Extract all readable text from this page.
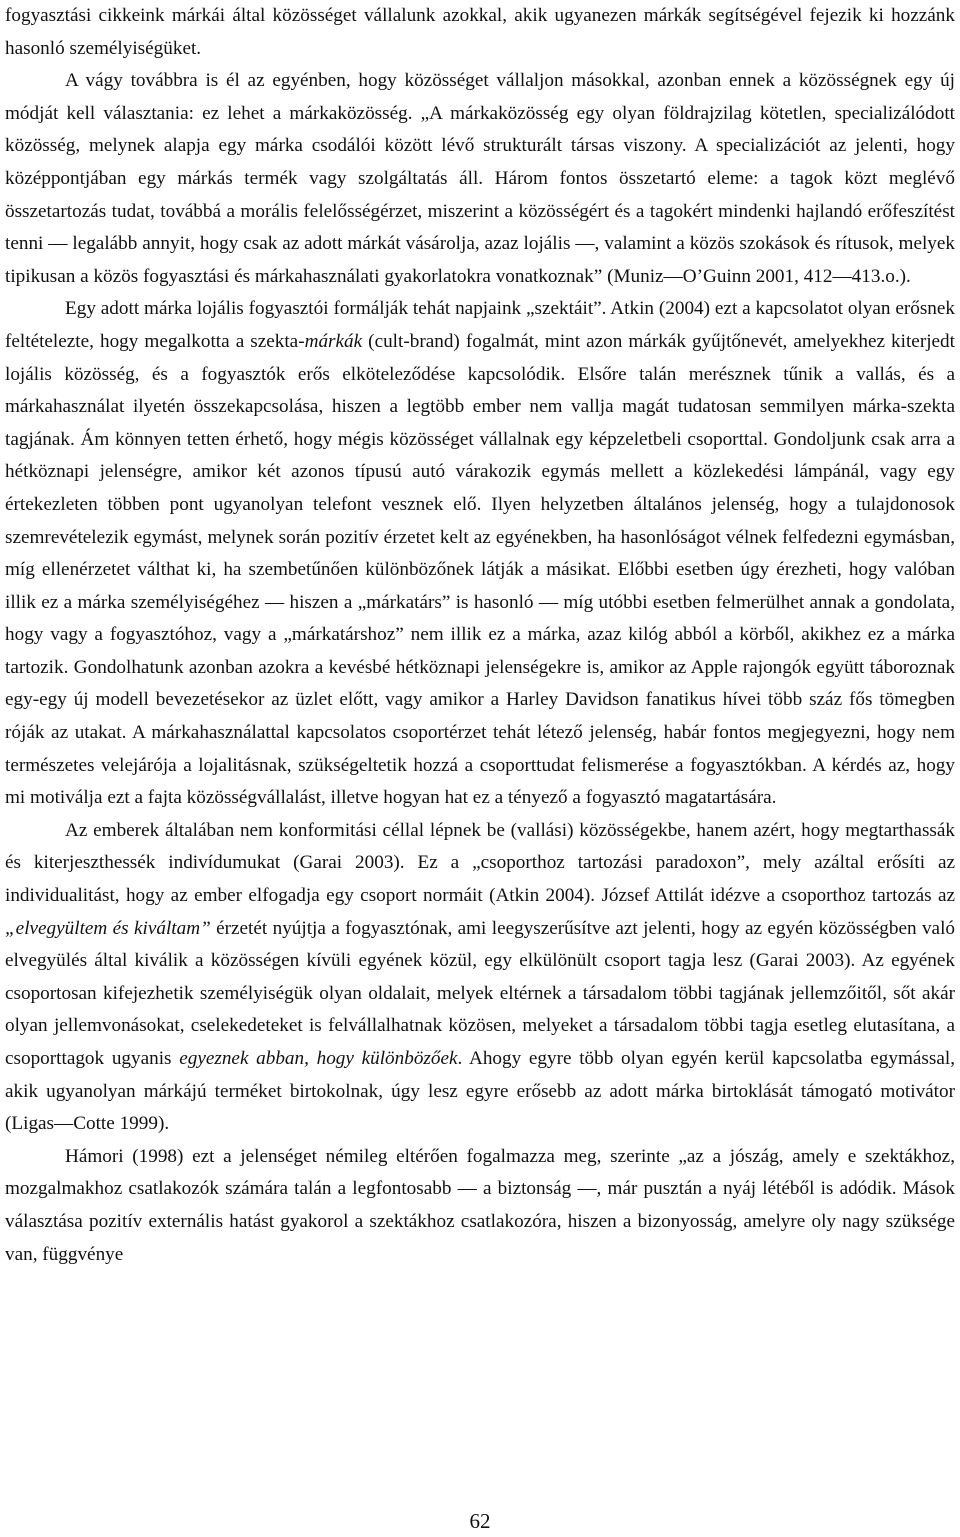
fogyasztási cikkeink márkái által közösséget vállalunk azokkal, akik ugyanezen márkák segítségével fejezik ki hozzánk hasonló személyiségüket.

A vágy továbbra is él az egyénben, hogy közösséget vállaljon másokkal, azonban ennek a közösségnek egy új módját kell választania: ez lehet a márkaközösség. „A márkaközösség egy olyan földrajzilag kötetlen, specializálódott közösség, melynek alapja egy márka csodálói között lévő strukturált társas viszony. A specializációt az jelenti, hogy középpontjában egy márkás termék vagy szolgáltatás áll. Három fontos összetartó eleme: a tagok közt meglévő összetartozás tudat, továbbá a morális felelősségérzet, miszerint a közösségért és a tagokért mindenki hajlandó erőfeszítést tenni ― legalább annyit, hogy csak az adott márkát vásárolja, azaz lojális ―, valamint a közös szokások és rítusok, melyek tipikusan a közös fogyasztási és márkahasználati gyakorlatokra vonatkoznak” (Muniz―O’Guinn 2001, 412―413.o.).

Egy adott márka lojális fogyasztói formálják tehát napjaink „szektáit”. Atkin (2004) ezt a kapcsolatot olyan erősnek feltételezte, hogy megalkotta a szekta-márkák (cult-brand) fogalmát, mint azon márkák gyűjtőnevét, amelyekhez kiterjedt lojális közösség, és a fogyasztók erős elköteleződése kapcsolódik. Elsőre talán merésznek tűnik a vallás, és a márkahasználat ilyetén összekapcsolása, hiszen a legtöbb ember nem vallja magát tudatosan semmilyen márka-szekta tagjának. Ám könnyen tetten érhető, hogy mégis közösséget vállalnak egy képzeletbeli csoporttal. Gondoljunk csak arra a hétköznapi jelenségre, amikor két azonos típusú autó várakozik egymás mellett a közlekedési lámpánál, vagy egy értekezleten többen pont ugyanolyan telefont vesznek elő. Ilyen helyzetben általános jelenség, hogy a tulajdonosok szemrevételezik egymást, melynek során pozitív érzetet kelt az egyénekben, ha hasonlóságot vélnek felfedezni egymásban, míg ellenérzetet válthat ki, ha szembetűnően különbözőnek látják a másikat. Előbbi esetben úgy érezheti, hogy valóban illik ez a márka személyiségéhez ― hiszen a „márkatárs” is hasonló ― míg utóbbi esetben felmerülhet annak a gondolata, hogy vagy a fogyasztóhoz, vagy a „márkatárshoz” nem illik ez a márka, azaz kilóg abból a körből, akikhez ez a márka tartozik. Gondolhatunk azonban azokra a kevésbé hétköznapi jelenségekre is, amikor az Apple rajongók együtt táboroznak egy-egy új modell bevezetésekor az üzlet előtt, vagy amikor a Harley Davidson fanatikus hívei több száz fős tömegben róják az utakat. A márkahasználattal kapcsolatos csoportérzet tehát létező jelenség, habár fontos megjegyezni, hogy nem természetes velejárója a lojalitásnak, szükségeltetik hozzá a csoporttudat felismerése a fogyasztókban. A kérdés az, hogy mi motiválja ezt a fajta közösségvállalást, illetve hogyan hat ez a tényező a fogyasztó magatartására.

Az emberek általában nem konformitási céllal lépnek be (vallási) közösségekbe, hanem azért, hogy megtarthassák és kiterjeszthessék indivídumukat (Garai 2003). Ez a „csoporthoz tartozási paradoxon”, mely azáltal erősíti az individualitást, hogy az ember elfogadja egy csoport normáit (Atkin 2004). József Attilát idézve a csoporthoz tartozás az „elvegyültem és kiváltam” érzetét nyújtja a fogyasztónak, ami leegyszerűsítve azt jelenti, hogy az egyén közösségben való elvegyülés által kiválik a közösségen kívüli egyének közül, egy elkülönült csoport tagja lesz (Garai 2003). Az egyének csoportosan kifejezhetik személyiségük olyan oldalait, melyek eltérnek a társadalom többi tagjának jellemzőitől, sőt akár olyan jellemvonásokat, cselekedeteket is felvállalhatnak közösen, melyeket a társadalom többi tagja esetleg elutasítana, a csoporttagok ugyanis egyeznek abban, hogy különbözőek. Ahogy egyre több olyan egyén kerül kapcsolatba egymással, akik ugyanolyan márkájú terméket birtokolnak, úgy lesz egyre erősebb az adott márka birtoklását támogató motivátor (Ligas―Cotte 1999).

Hámori (1998) ezt a jelenséget némileg eltérően fogalmazza meg, szerinte „az a jószág, amely e szektákhoz, mozgalmakhoz csatlakozók számára talán a legfontosabb ― a biztonság ―, már pusztán a nyáj létéből is adódik. Mások választása pozitív externális hatást gyakorol a szektákhoz csatlakozóra, hiszen a bizonyosság, amelyre oly nagy szüksége van, függvénye

62
